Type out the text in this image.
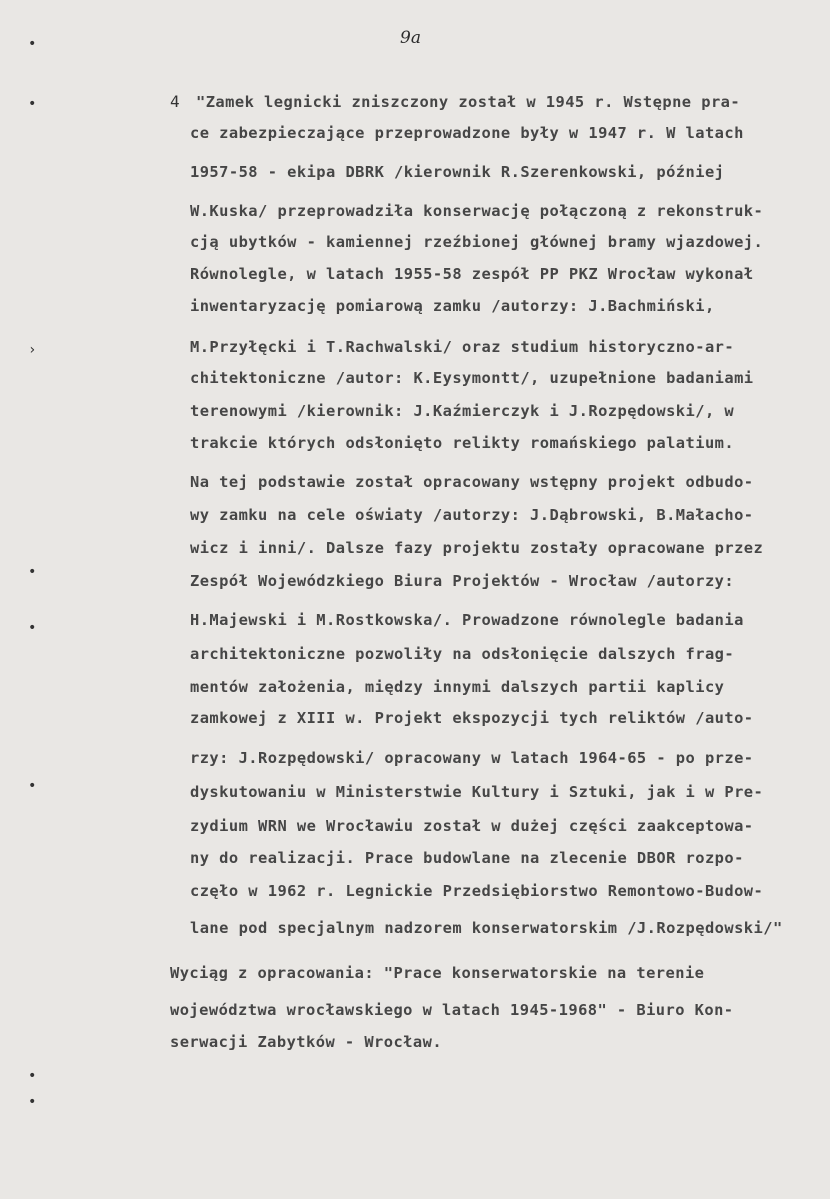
9a
•
•
›
•
•
•
•
•
4 "Zamek legnicki zniszczony został w 1945 r. Wstępne pra-
ce zabezpieczające przeprowadzone były w 1947 r. W latach
1957-58 - ekipa DBRK /kierownik R.Szerenkowski, później
W.Kuska/ przeprowadziła konserwację połączoną z rekonstruk-
cją ubytków - kamiennej rzeźbionej głównej bramy wjazdowej.
Równolegle, w latach 1955-58 zespół PP PKZ Wrocław wykonał
inwentaryzację pomiarową zamku /autorzy: J.Bachmiński,
M.Przyłęcki i T.Rachwalski/ oraz studium historyczno-ar-
chitektoniczne /autor: K.Eysymontt/, uzupełnione badaniami
terenowymi /kierownik: J.Kaźmierczyk i J.Rozpędowski/, w
trakcie których odsłonięto relikty romańskiego palatium.
Na tej podstawie został opracowany wstępny projekt odbudo-
wy zamku na cele oświaty /autorzy: J.Dąbrowski, B.Małacho-
wicz i inni/. Dalsze fazy projektu zostały opracowane przez
Zespół Wojewódzkiego Biura Projektów - Wrocław /autorzy:
H.Majewski i M.Rostkowska/. Prowadzone równolegle badania
architektoniczne pozwoliły na odsłonięcie dalszych frag-
mentów założenia, między innymi dalszych partii kaplicy
zamkowej z XIII w. Projekt ekspozycji tych reliktów /auto-
rzy: J.Rozpędowski/ opracowany w latach 1964-65 - po prze-
dyskutowaniu w Ministerstwie Kultury i Sztuki, jak i w Pre-
zydium WRN we Wrocławiu został w dużej części zaakceptowa-
ny do realizacji. Prace budowlane na zlecenie DBOR rozpo-
częło w 1962 r. Legnickie Przedsiębiorstwo Remontowo-Budow-
lane pod specjalnym nadzorem konserwatorskim /J.Rozpędowski/"
Wyciąg z opracowania: "Prace konserwatorskie na terenie
województwa wrocławskiego w latach 1945-1968" - Biuro Kon-
serwacji Zabytków - Wrocław.
